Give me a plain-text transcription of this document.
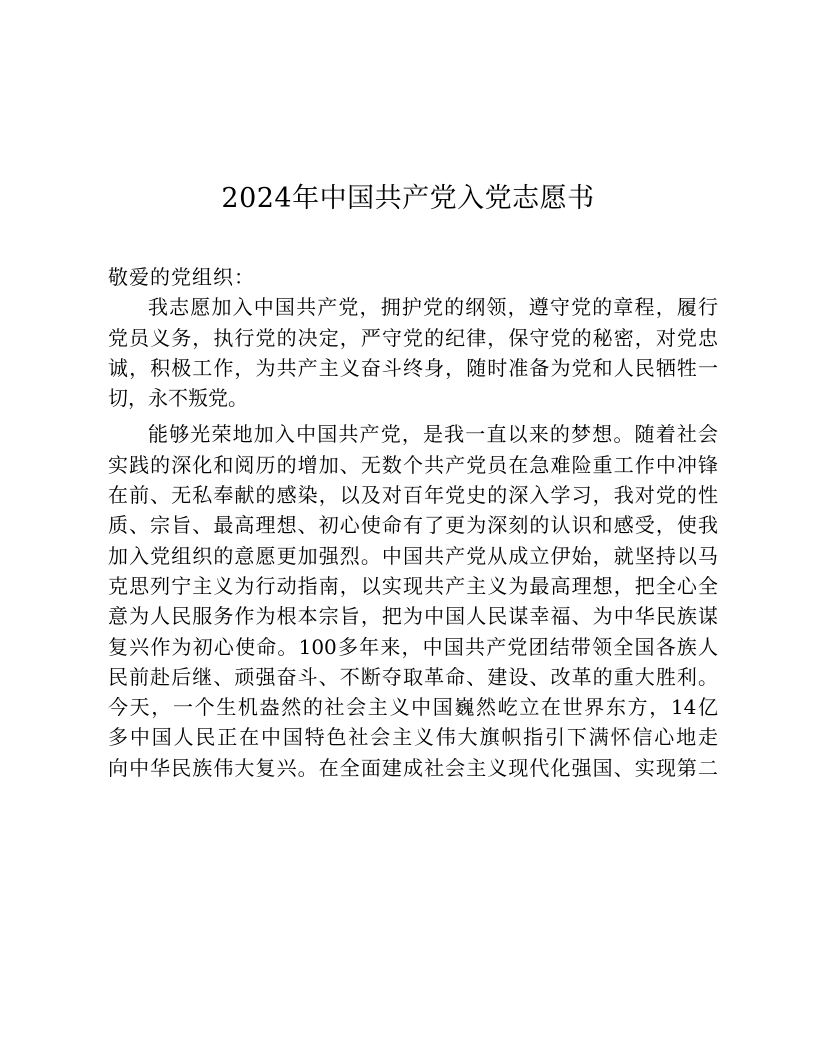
2024年中国共产党入党志愿书
敬爱的党组织：
我志愿加入中国共产党，拥护党的纲领，遵守党的章程，履行
党员义务，执行党的决定，严守党的纪律，保守党的秘密，对党忠
诚，积极工作，为共产主义奋斗终身，随时准备为党和人民牺牲一
切，永不叛党。
能够光荣地加入中国共产党，是我一直以来的梦想。随着社会
实践的深化和阅历的增加、无数个共产党员在急难险重工作中冲锋
在前、无私奉献的感染，以及对百年党史的深入学习，我对党的性
质、宗旨、最高理想、初心使命有了更为深刻的认识和感受，使我
加入党组织的意愿更加强烈。中国共产党从成立伊始，就坚持以马
克思列宁主义为行动指南，以实现共产主义为最高理想，把全心全
意为人民服务作为根本宗旨，把为中国人民谋幸福、为中华民族谋
复兴作为初心使命。100多年来，中国共产党团结带领全国各族人
民前赴后继、顽强奋斗、不断夺取革命、建设、改革的重大胜利。
今天，一个生机盎然的社会主义中国巍然屹立在世界东方，14亿
多中国人民正在中国特色社会主义伟大旗帜指引下满怀信心地走
向中华民族伟大复兴。在全面建成社会主义现代化强国、实现第二
